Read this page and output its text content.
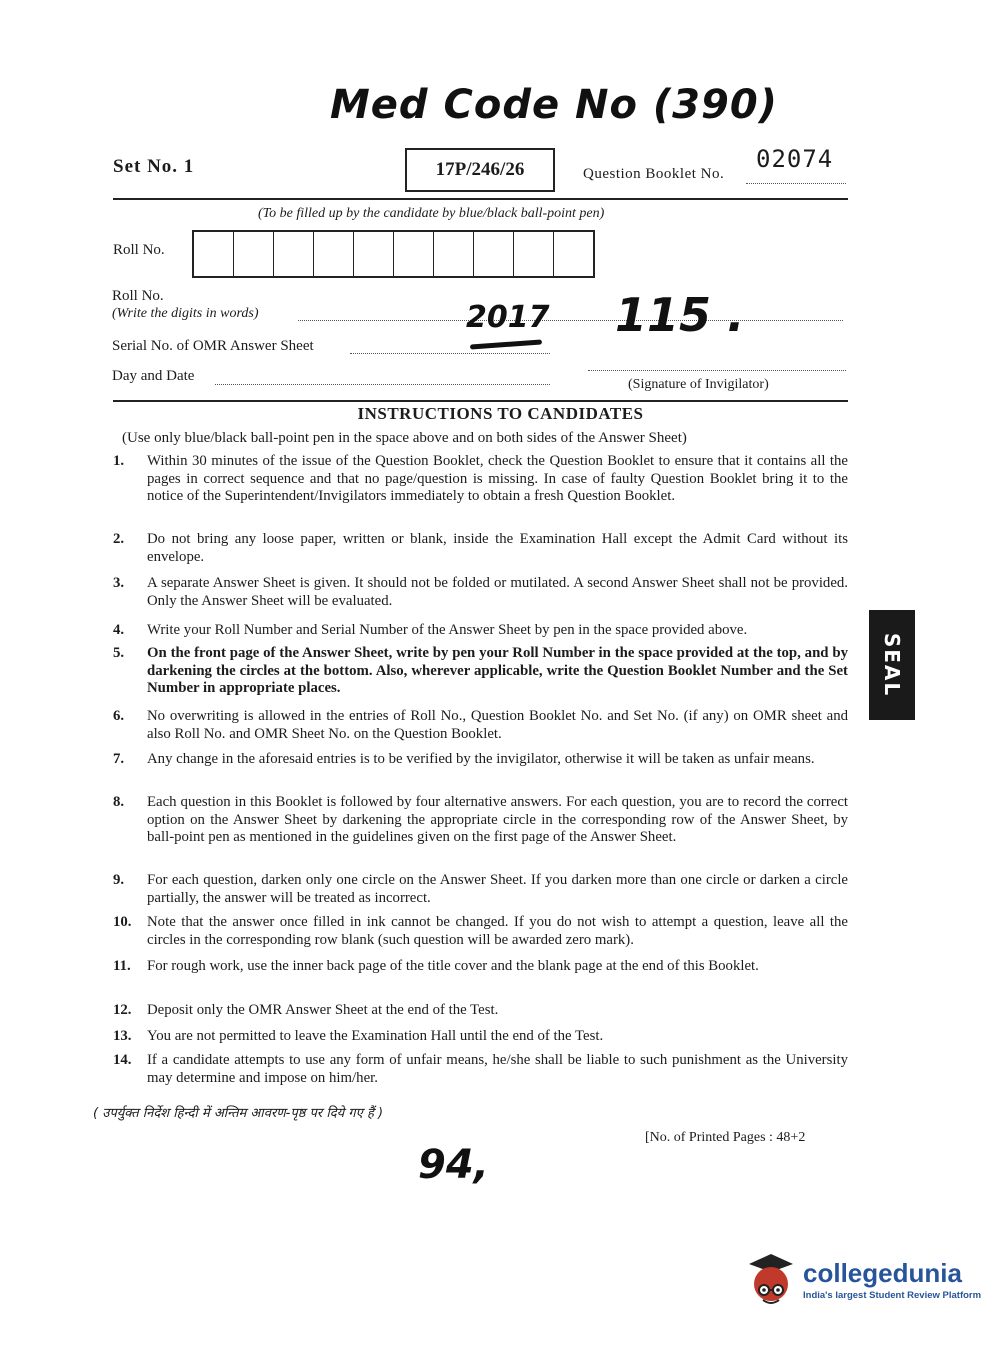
Med Code No (390)
Set No. 1	17P/246/26	Question Booklet No.
02074
(To be filled up by the candidate by blue/black ball-point pen)
Roll No.
Roll No.
(Write the digits in words)	2017 115 .
Serial No. of OMR Answer Sheet
Day and Date
(Signature of Invigilator)
INSTRUCTIONS TO CANDIDATES
(Use only blue/black ball-point pen in the space above and on both sides of the Answer Sheet)
1. Within 30 minutes of the issue of the Question Booklet, check the Question Booklet to ensure that it contains all the pages in correct sequence and that no page/question is missing. In case of faulty Question Booklet bring it to the notice of the Superintendent/Invigilators immediately to obtain a fresh Question Booklet.
2. Do not bring any loose paper, written or blank, inside the Examination Hall except the Admit Card without its envelope.
3. A separate Answer Sheet is given. It should not be folded or mutilated. A second Answer Sheet shall not be provided. Only the Answer Sheet will be evaluated.
4. Write your Roll Number and Serial Number of the Answer Sheet by pen in the space provided above.
5. On the front page of the Answer Sheet, write by pen your Roll Number in the space provided at the top, and by darkening the circles at the bottom. Also, wherever applicable, write the Question Booklet Number and the Set Number in appropriate places.
6. No overwriting is allowed in the entries of Roll No., Question Booklet No. and Set No. (if any) on OMR sheet and also Roll No. and OMR Sheet No. on the Question Booklet.
7. Any change in the aforesaid entries is to be verified by the invigilator, otherwise it will be taken as unfair means.
8. Each question in this Booklet is followed by four alternative answers. For each question, you are to record the correct option on the Answer Sheet by darkening the appropriate circle in the corresponding row of the Answer Sheet, by ball-point pen as mentioned in the guidelines given on the first page of the Answer Sheet.
9. For each question, darken only one circle on the Answer Sheet. If you darken more than one circle or darken a circle partially, the answer will be treated as incorrect.
10. Note that the answer once filled in ink cannot be changed. If you do not wish to attempt a question, leave all the circles in the corresponding row blank (such question will be awarded zero mark).
11. For rough work, use the inner back page of the title cover and the blank page at the end of this Booklet.
12. Deposit only the OMR Answer Sheet at the end of the Test.
13. You are not permitted to leave the Examination Hall until the end of the Test.
14. If a candidate attempts to use any form of unfair means, he/she shall be liable to such punishment as the University may determine and impose on him/her.
SEAL
( उपर्युक्त निर्देश हिन्दी में अन्तिम आवरण-पृष्ठ पर दिये गए हैं )
[No. of Printed Pages : 48+2
94,
collegedunia
India's largest Student Review Platform
